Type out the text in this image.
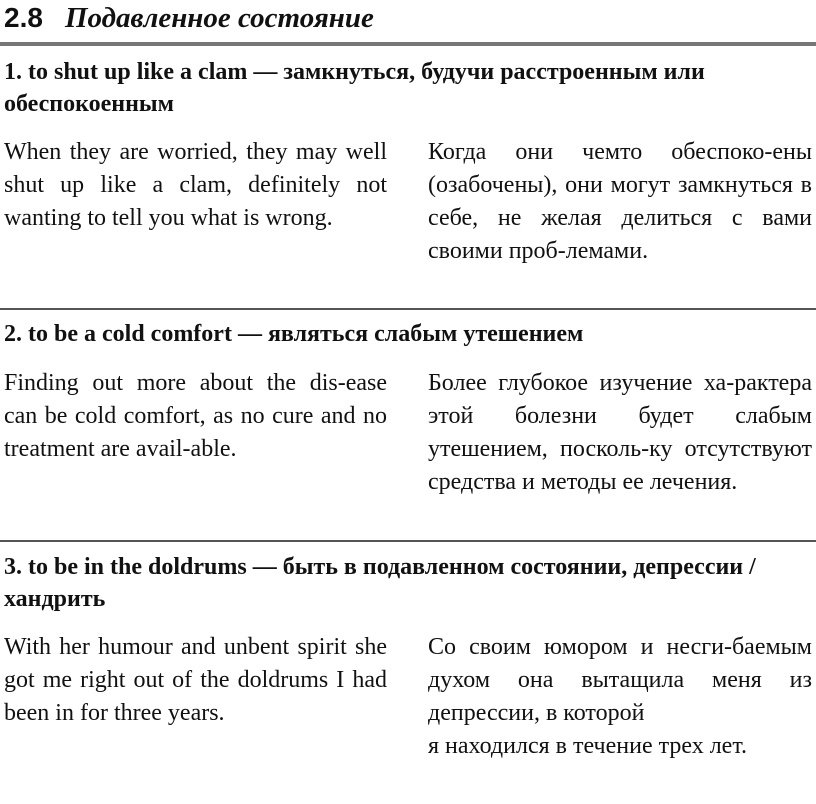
2.8 Подавленное состояние
1. to shut up like a clam — замкнуться, будучи расстроенным или обеспокоенным
When they are worried, they may well shut up like a clam, definitely not wanting to tell you what is wrong.
Когда они чемто обеспоко-ены (озабочены), они могут замкнуться в себе, не желая делиться с вами своими проб-лемами.
2. to be a cold comfort — являться слабым утешением
Finding out more about the dis-ease can be cold comfort, as no cure and no treatment are avail-able.
Более глубокое изучение ха-рактера этой болезни будет слабым утешением, посколь-ку отсутствуют средства и методы ее лечения.
3. to be in the doldrums — быть в подавленном состоянии, депрессии / хандрить
With her humour and unbent spirit she got me right out of the doldrums I had been in for three years.
Со своим юмором и несги-баемым духом она вытащила меня из депрессии, в которой
я находился в течение трех лет.
